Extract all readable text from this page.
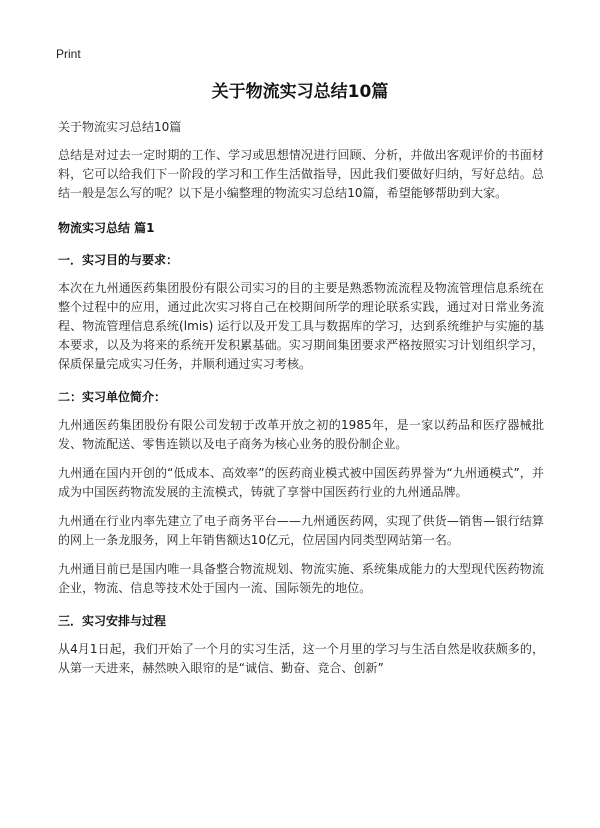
Print
关于物流实习总结10篇
关于物流实习总结10篇

总结是对过去一定时期的工作、学习或思想情况进行回顾、分析，并做出客观评价的书面材料，它可以给我们下一阶段的学习和工作生活做指导，因此我们要做好归纳，写好总结。总结一般是怎么写的呢？以下是小编整理的物流实习总结10篇，希望能够帮助到大家。

物流实习总结 篇1
一．实习目的与要求：

本次在九州通医药集团股份有限公司实习的目的主要是熟悉物流流程及物流管理信息系统在整个过程中的应用，通过此次实习将自己在校期间所学的理论联系实践，通过对日常业务流程、物流管理信息系统(lmis) 运行以及开发工具与数据库的学习，达到系统维护与实施的基本要求，以及为将来的系统开发积累基础。实习期间集团要求严格按照实习计划组织学习，保质保量完成实习任务，并顺利通过实习考核。

二：实习单位简介：

九州通医药集团股份有限公司发轫于改革开放之初的1985年，是一家以药品和医疗器械批发、物流配送、零售连锁以及电子商务为核心业务的股份制企业。

九州通在国内开创的“低成本、高效率”的医药商业模式被中国医药界誉为“九州通模式”，并成为中国医药物流发展的主流模式，铸就了享誉中国医药行业的九州通品牌。

九州通在行业内率先建立了电子商务平台——九州通医药网，实现了供货—销售—银行结算的网上一条龙服务，网上年销售额达10亿元，位居国内同类型网站第一名。

九州通目前已是国内唯一具备整合物流规划、物流实施、系统集成能力的大型现代医药物流企业，物流、信息等技术处于国内一流、国际领先的地位。

三．实习安排与过程

从4月1日起，我们开始了一个月的实习生活，这一个月里的学习与生活自然是收获颇多的，从第一天进来，赫然映入眼帘的是“诚信、勤奋、竞合、创新”
